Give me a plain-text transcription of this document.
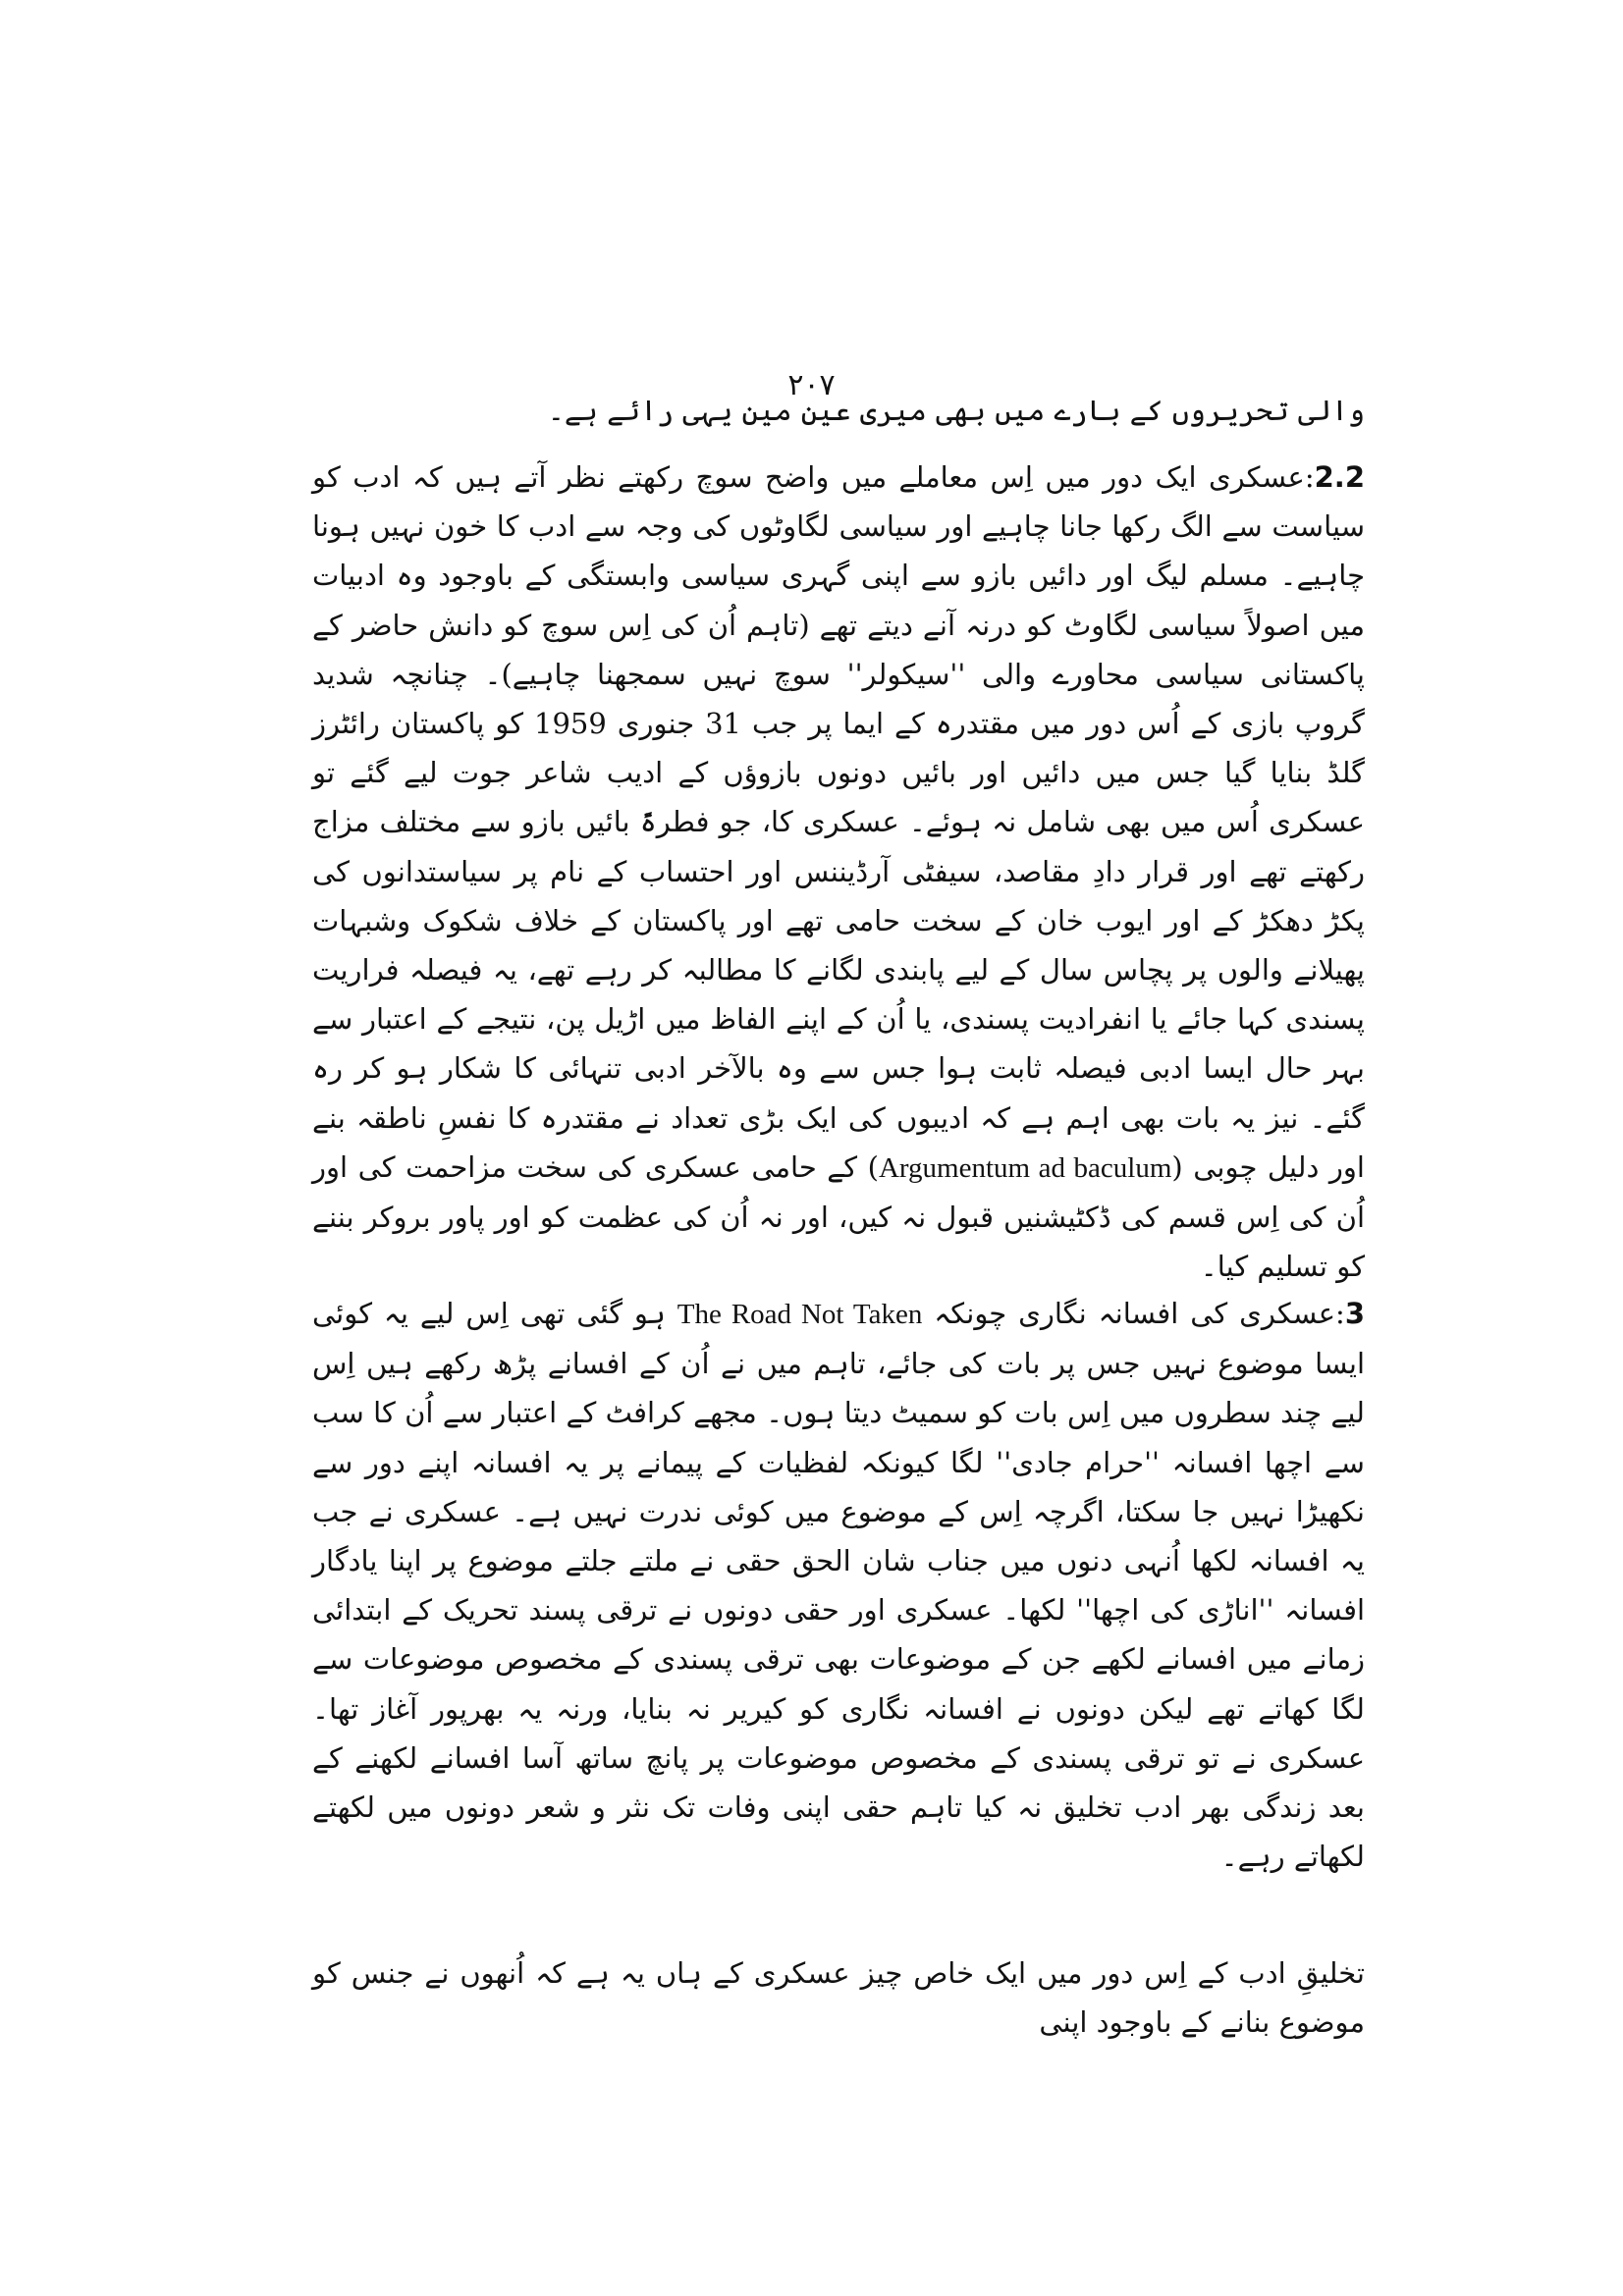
۲۰۷

والی تحریروں کے بارے میں بھی میری عین مین یہی رائے ہے۔

2.2:عسکری ایک دور میں اِس معاملے میں واضح سوچ رکھتے نظر آتے ہیں کہ ادب کو سیاست سے الگ رکھا جانا چاہیے اور سیاسی لگاوٹوں کی وجہ سے ادب کا خون نہیں ہونا چاہیے۔ مسلم لیگ اور دائیں بازو سے اپنی گہری سیاسی وابستگی کے باوجود وہ ادبیات میں اصولاً سیاسی لگاوٹ کو درنہ آنے دیتے تھے (تاہم اُن کی اِس سوچ کو دانش حاضر کے پاکستانی سیاسی محاورے والی ''سیکولر'' سوچ نہیں سمجھنا چاہیے)۔ چنانچہ شدید گروپ بازی کے اُس دور میں مقتدرہ کے ایما پر جب 31 جنوری 1959 کو پاکستان رائٹرز گلڈ بنایا گیا جس میں دائیں اور بائیں دونوں بازوؤں کے ادیب شاعر جوت لیے گئے تو عسکری اُس میں بھی شامل نہ ہوئے۔ عسکری کا، جو فطرۃً بائیں بازو سے مختلف مزاج رکھتے تھے اور قرار دادِ مقاصد، سیفٹی آرڈیننس اور احتساب کے نام پر سیاستدانوں کی پکڑ دھکڑ کے اور ایوب خان کے سخت حامی تھے اور پاکستان کے خلاف شکوک وشبہات پھیلانے والوں پر پچاس سال کے لیے پابندی لگانے کا مطالبہ کر رہے تھے، یہ فیصلہ فراریت پسندی کہا جائے یا انفرادیت پسندی، یا اُن کے اپنے الفاظ میں اڑیل پن، نتیجے کے اعتبار سے بہر حال ایسا ادبی فیصلہ ثابت ہوا جس سے وہ بالآخر ادبی تنہائی کا شکار ہو کر رہ گئے۔ نیز یہ بات بھی اہم ہے کہ ادیبوں کی ایک بڑی تعداد نے مقتدرہ کا نفسِ ناطقہ بنے اور دلیل چوبی (Argumentum ad baculum) کے حامی عسکری کی سخت مزاحمت کی اور اُن کی اِس قسم کی ڈکٹیشنیں قبول نہ کیں، اور نہ اُن کی عظمت کو اور پاور بروکر بننے کو تسلیم کیا۔

3:عسکری کی افسانہ نگاری چونکہ The Road Not Taken ہو گئی تھی اِس لیے یہ کوئی ایسا موضوع نہیں جس پر بات کی جائے، تاہم میں نے اُن کے افسانے پڑھ رکھے ہیں اِس لیے چند سطروں میں اِس بات کو سمیٹ دیتا ہوں۔ مجھے کرافٹ کے اعتبار سے اُن کا سب سے اچھا افسانہ ''حرام جادی'' لگا کیونکہ لفظیات کے پیمانے پر یہ افسانہ اپنے دور سے نکھیڑا نہیں جا سکتا، اگرچہ اِس کے موضوع میں کوئی ندرت نہیں ہے۔ عسکری نے جب یہ افسانہ لکھا اُنہی دنوں میں جناب شان الحق حقی نے ملتے جلتے موضوع پر اپنا یادگار افسانہ ''اناڑی کی اچھا'' لکھا۔ عسکری اور حقی دونوں نے ترقی پسند تحریک کے ابتدائی زمانے میں افسانے لکھے جن کے موضوعات بھی ترقی پسندی کے مخصوص موضوعات سے لگا کھاتے تھے لیکن دونوں نے افسانہ نگاری کو کیریر نہ بنایا، ورنہ یہ بھرپور آغاز تھا۔ عسکری نے تو ترقی پسندی کے مخصوص موضوعات پر پانچ ساتھ آسا افسانے لکھنے کے بعد زندگی بھر ادب تخلیق نہ کیا تاہم حقی اپنی وفات تک نثر و شعر دونوں میں لکھتے لکھاتے رہے۔

تخلیقِ ادب کے اِس دور میں ایک خاص چیز عسکری کے ہاں یہ ہے کہ اُنھوں نے جنس کو موضوع بنانے کے باوجود اپنی
